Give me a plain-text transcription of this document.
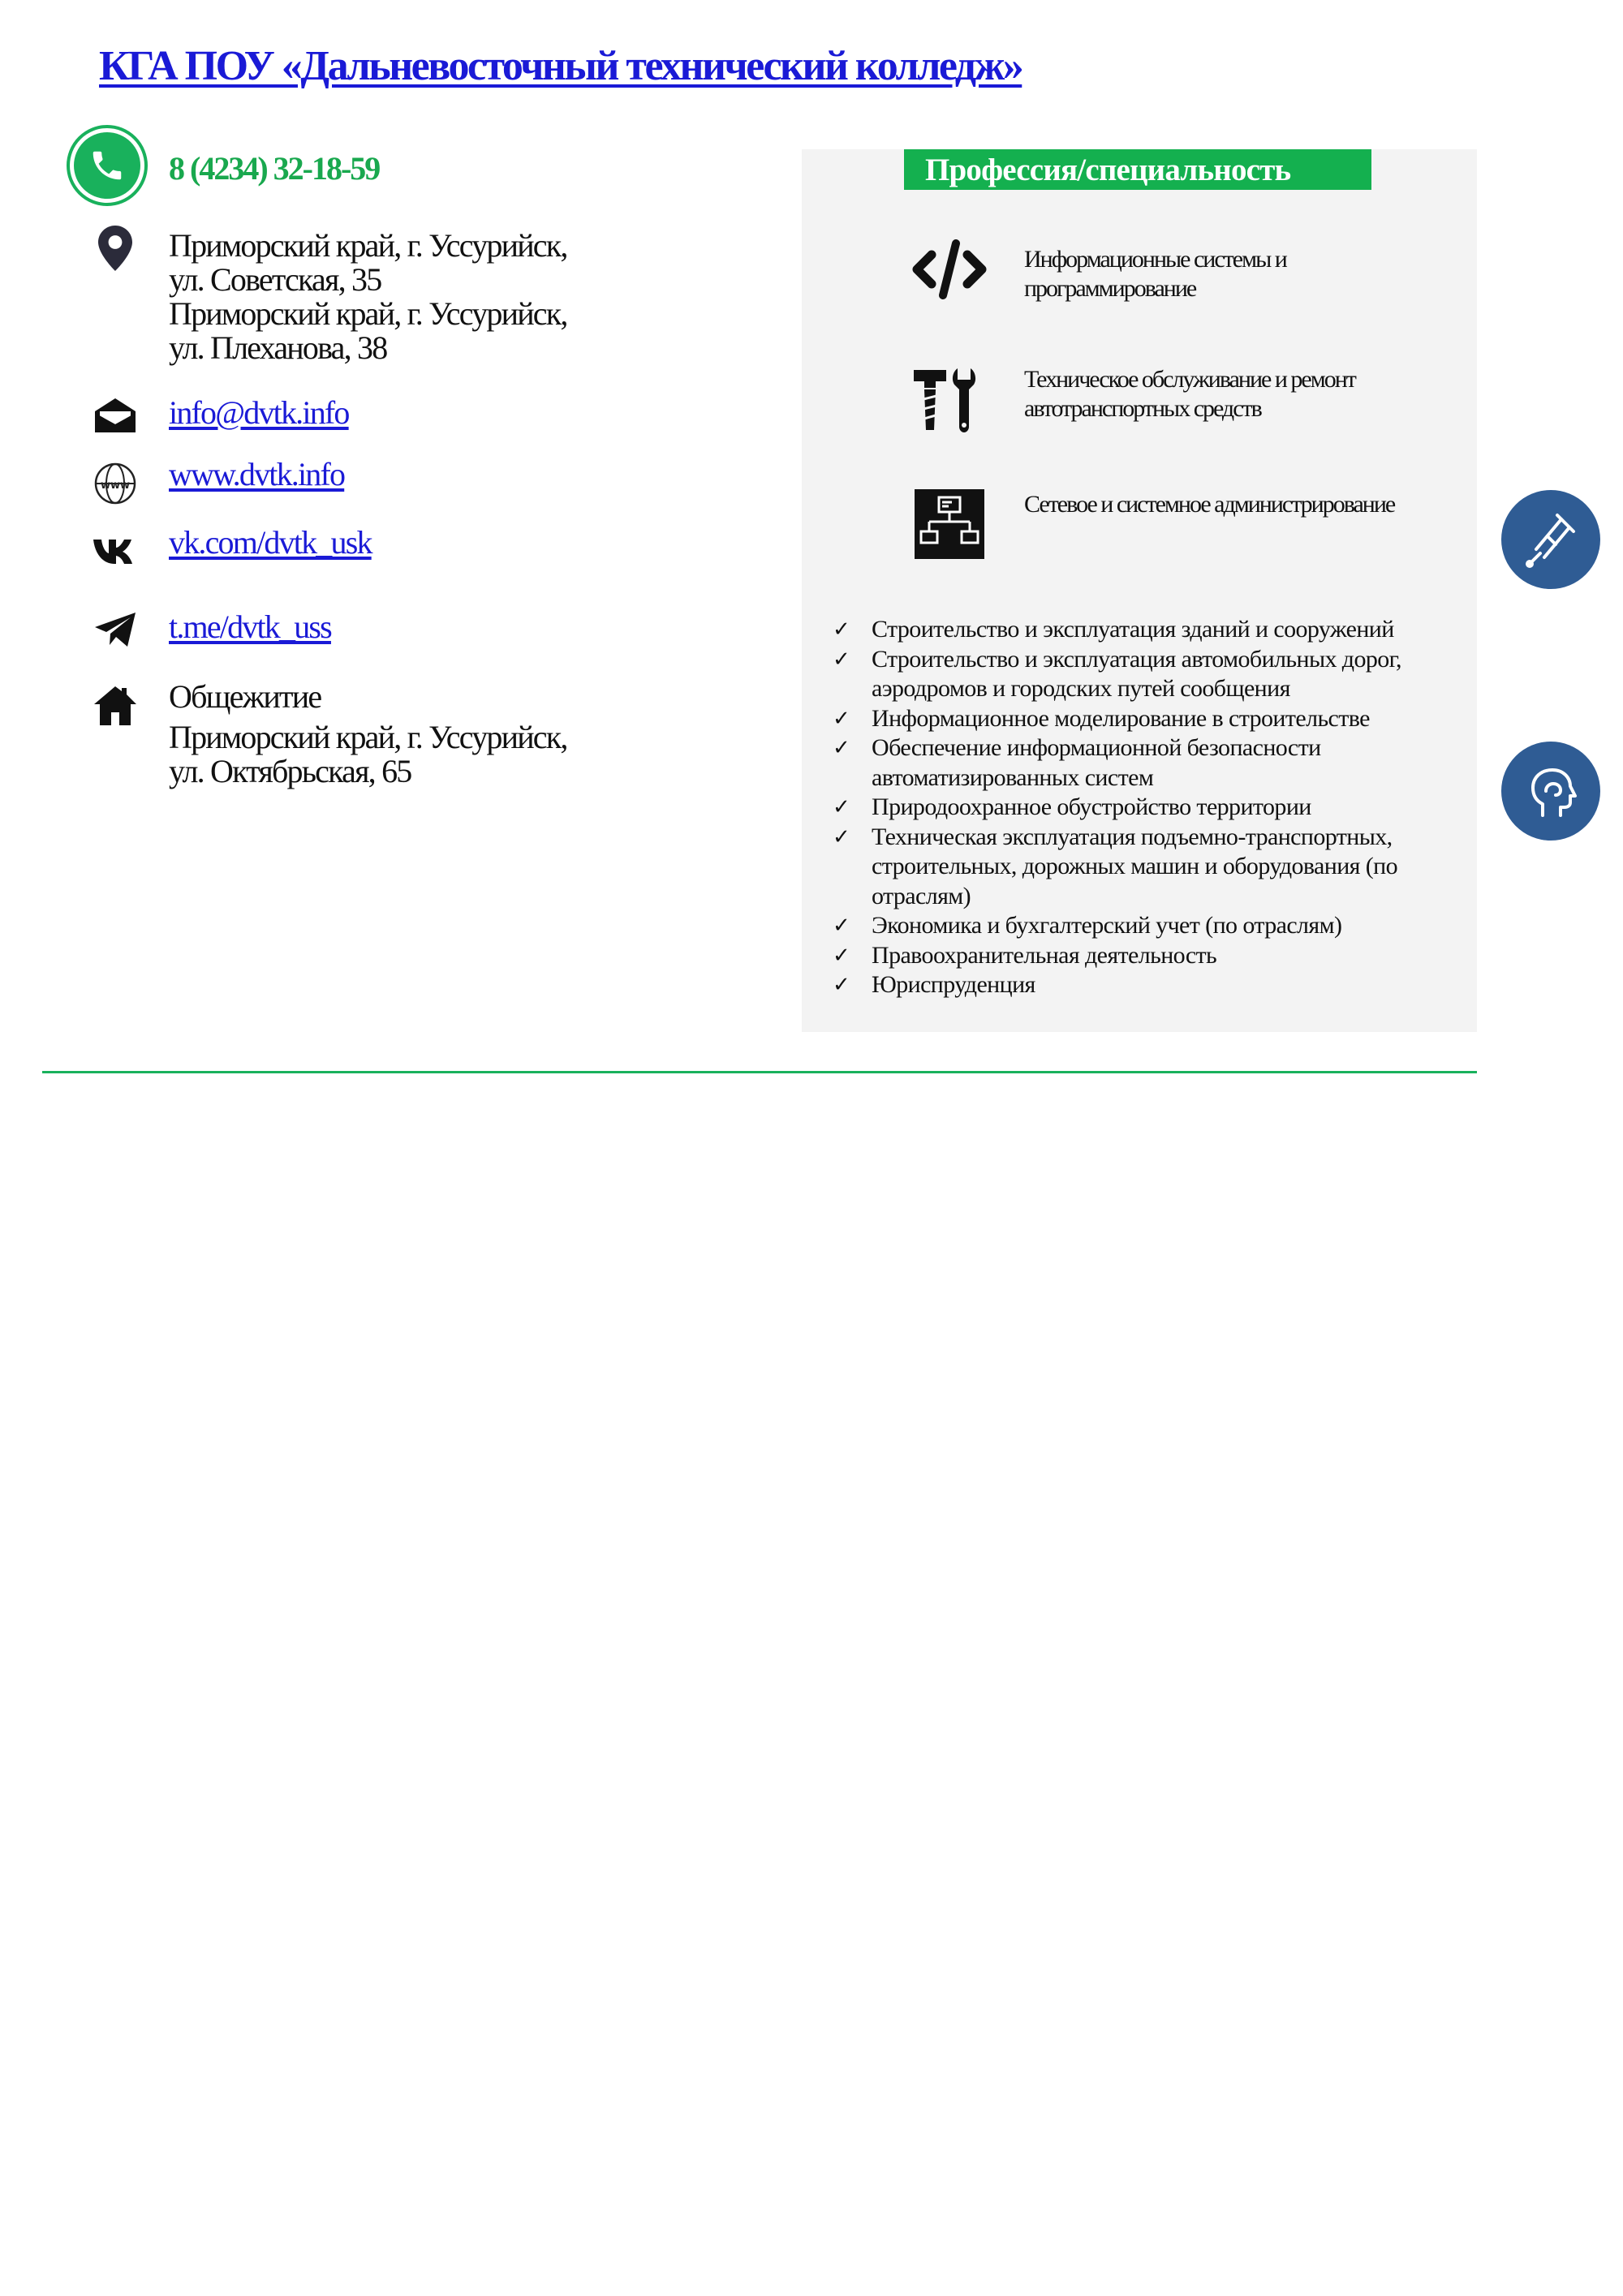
КГА ПОУ «Дальневосточный технический колледж»
8 (4234) 32-18-59
Приморский край, г. Уссурийск,
ул. Советская, 35
Приморский край, г. Уссурийск,
ул. Плеханова, 38
info@dvtk.info
www www.dvtk.info
vk.com/dvtk_usk
t.me/dvtk_uss
Общежитие
Приморский край, г. Уссурийск,
ул. Октябрьская, 65
Профессия/специальность
Информационные системы и
программирование
Техническое обслуживание и ремонт
автотранспортных средств
Сетевое и системное администрирование
✓ Строительство и эксплуатация зданий и сооружений
✓ Строительство и эксплуатация автомобильных дорог, аэродромов и городских путей сообщения
✓ Информационное моделирование в строительстве
✓ Обеспечение информационной безопасности автоматизированных систем
✓ Природоохранное обустройство территории
✓ Техническая эксплуатация подъемно-транспортных, строительных, дорожных машин и оборудования (по отраслям)
✓ Экономика и бухгалтерский учет (по отраслям)
✓ Правоохранительная деятельность
✓ Юриспруденция
